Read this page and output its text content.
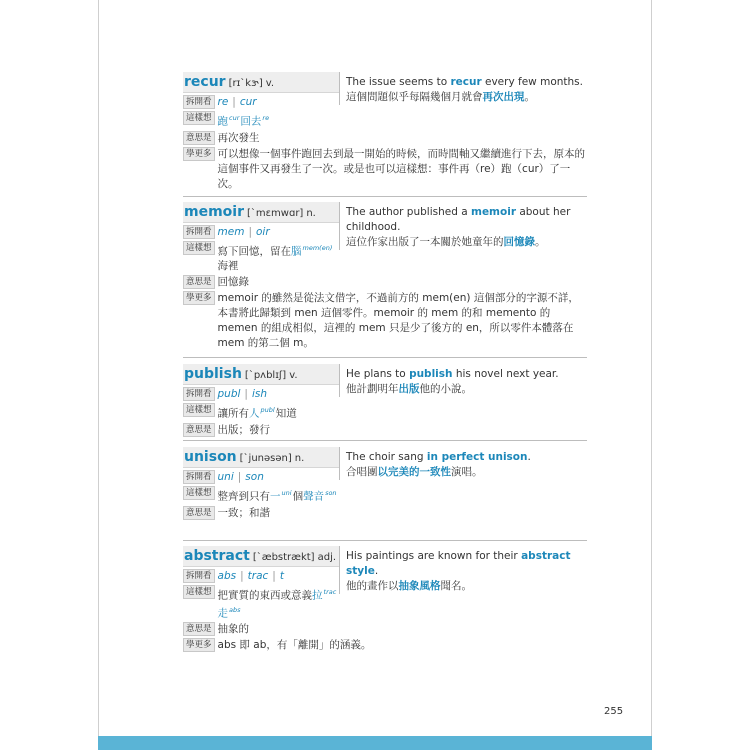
recur [rɪˋkɝ] v.
拆開看 re | cur
這樣想 跑$^{cur}$回去$^{re}$
意思是 再次發生
The issue seems to recur every few months.
這個問題似乎每隔幾個月就會再次出現。
學更多 可以想像一個事件跑回去到最一開始的時候，而時間軸又繼續進行下去，原本的這個事件又再發生了一次。或是也可以這樣想：事件再（re）跑（cur）了一次。
memoir [ˋmɛmwɑr] n.
拆開看 mem | oir
這樣想 寫下回憶，留在腦$^{mem(en)}$海裡
意思是 回憶錄
The author published a memoir about her childhood.
這位作家出版了一本關於她童年的回憶錄。
學更多 memoir 的雖然是從法文借字，不過前方的 mem(en) 這個部分的字源不詳，本書將此歸類到 men 這個零件。memoir 的 mem 的和 memento 的 memen 的組成相似，這裡的 mem 只是少了後方的 en，所以零件本體落在 mem 的第二個 m。
publish [ˋpʌblɪʃ] v.
拆開看 publ | ish
這樣想 讓所有人$^{publ}$知道
意思是 出版；發行
He plans to publish his novel next year.
他計劃明年出版他的小說。
unison [ˋjunəsən] n.
拆開看 uni | son
這樣想 整齊到只有一$^{uni}$個聲音$^{son}$
意思是 一致；和諧
The choir sang in perfect unison.
合唱團以完美的一致性演唱。
abstract [ˋæbstrækt] adj.
拆開看 abs | trac | t
這樣想 把實質的東西或意義拉$^{trac}$走$^{abs}$
意思是 抽象的
His paintings are known for their abstract style.
他的畫作以抽象風格聞名。
學更多 abs 即 ab，有「離開」的涵義。
255
